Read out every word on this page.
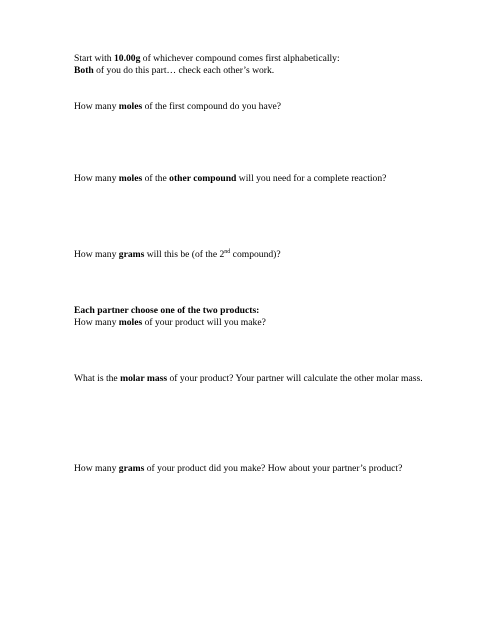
Start with 10.00g of whichever compound comes first alphabetically:
Both of you do this part… check each other’s work.

How many moles of the first compound do you have?

How many moles of the other compound will you need for a complete reaction?

How many grams will this be (of the 2nd compound)?

Each partner choose one of the two products:
How many moles of your product will you make?

What is the molar mass of your product? Your partner will calculate the other molar mass.

How many grams of your product did you make? How about your partner’s product?
